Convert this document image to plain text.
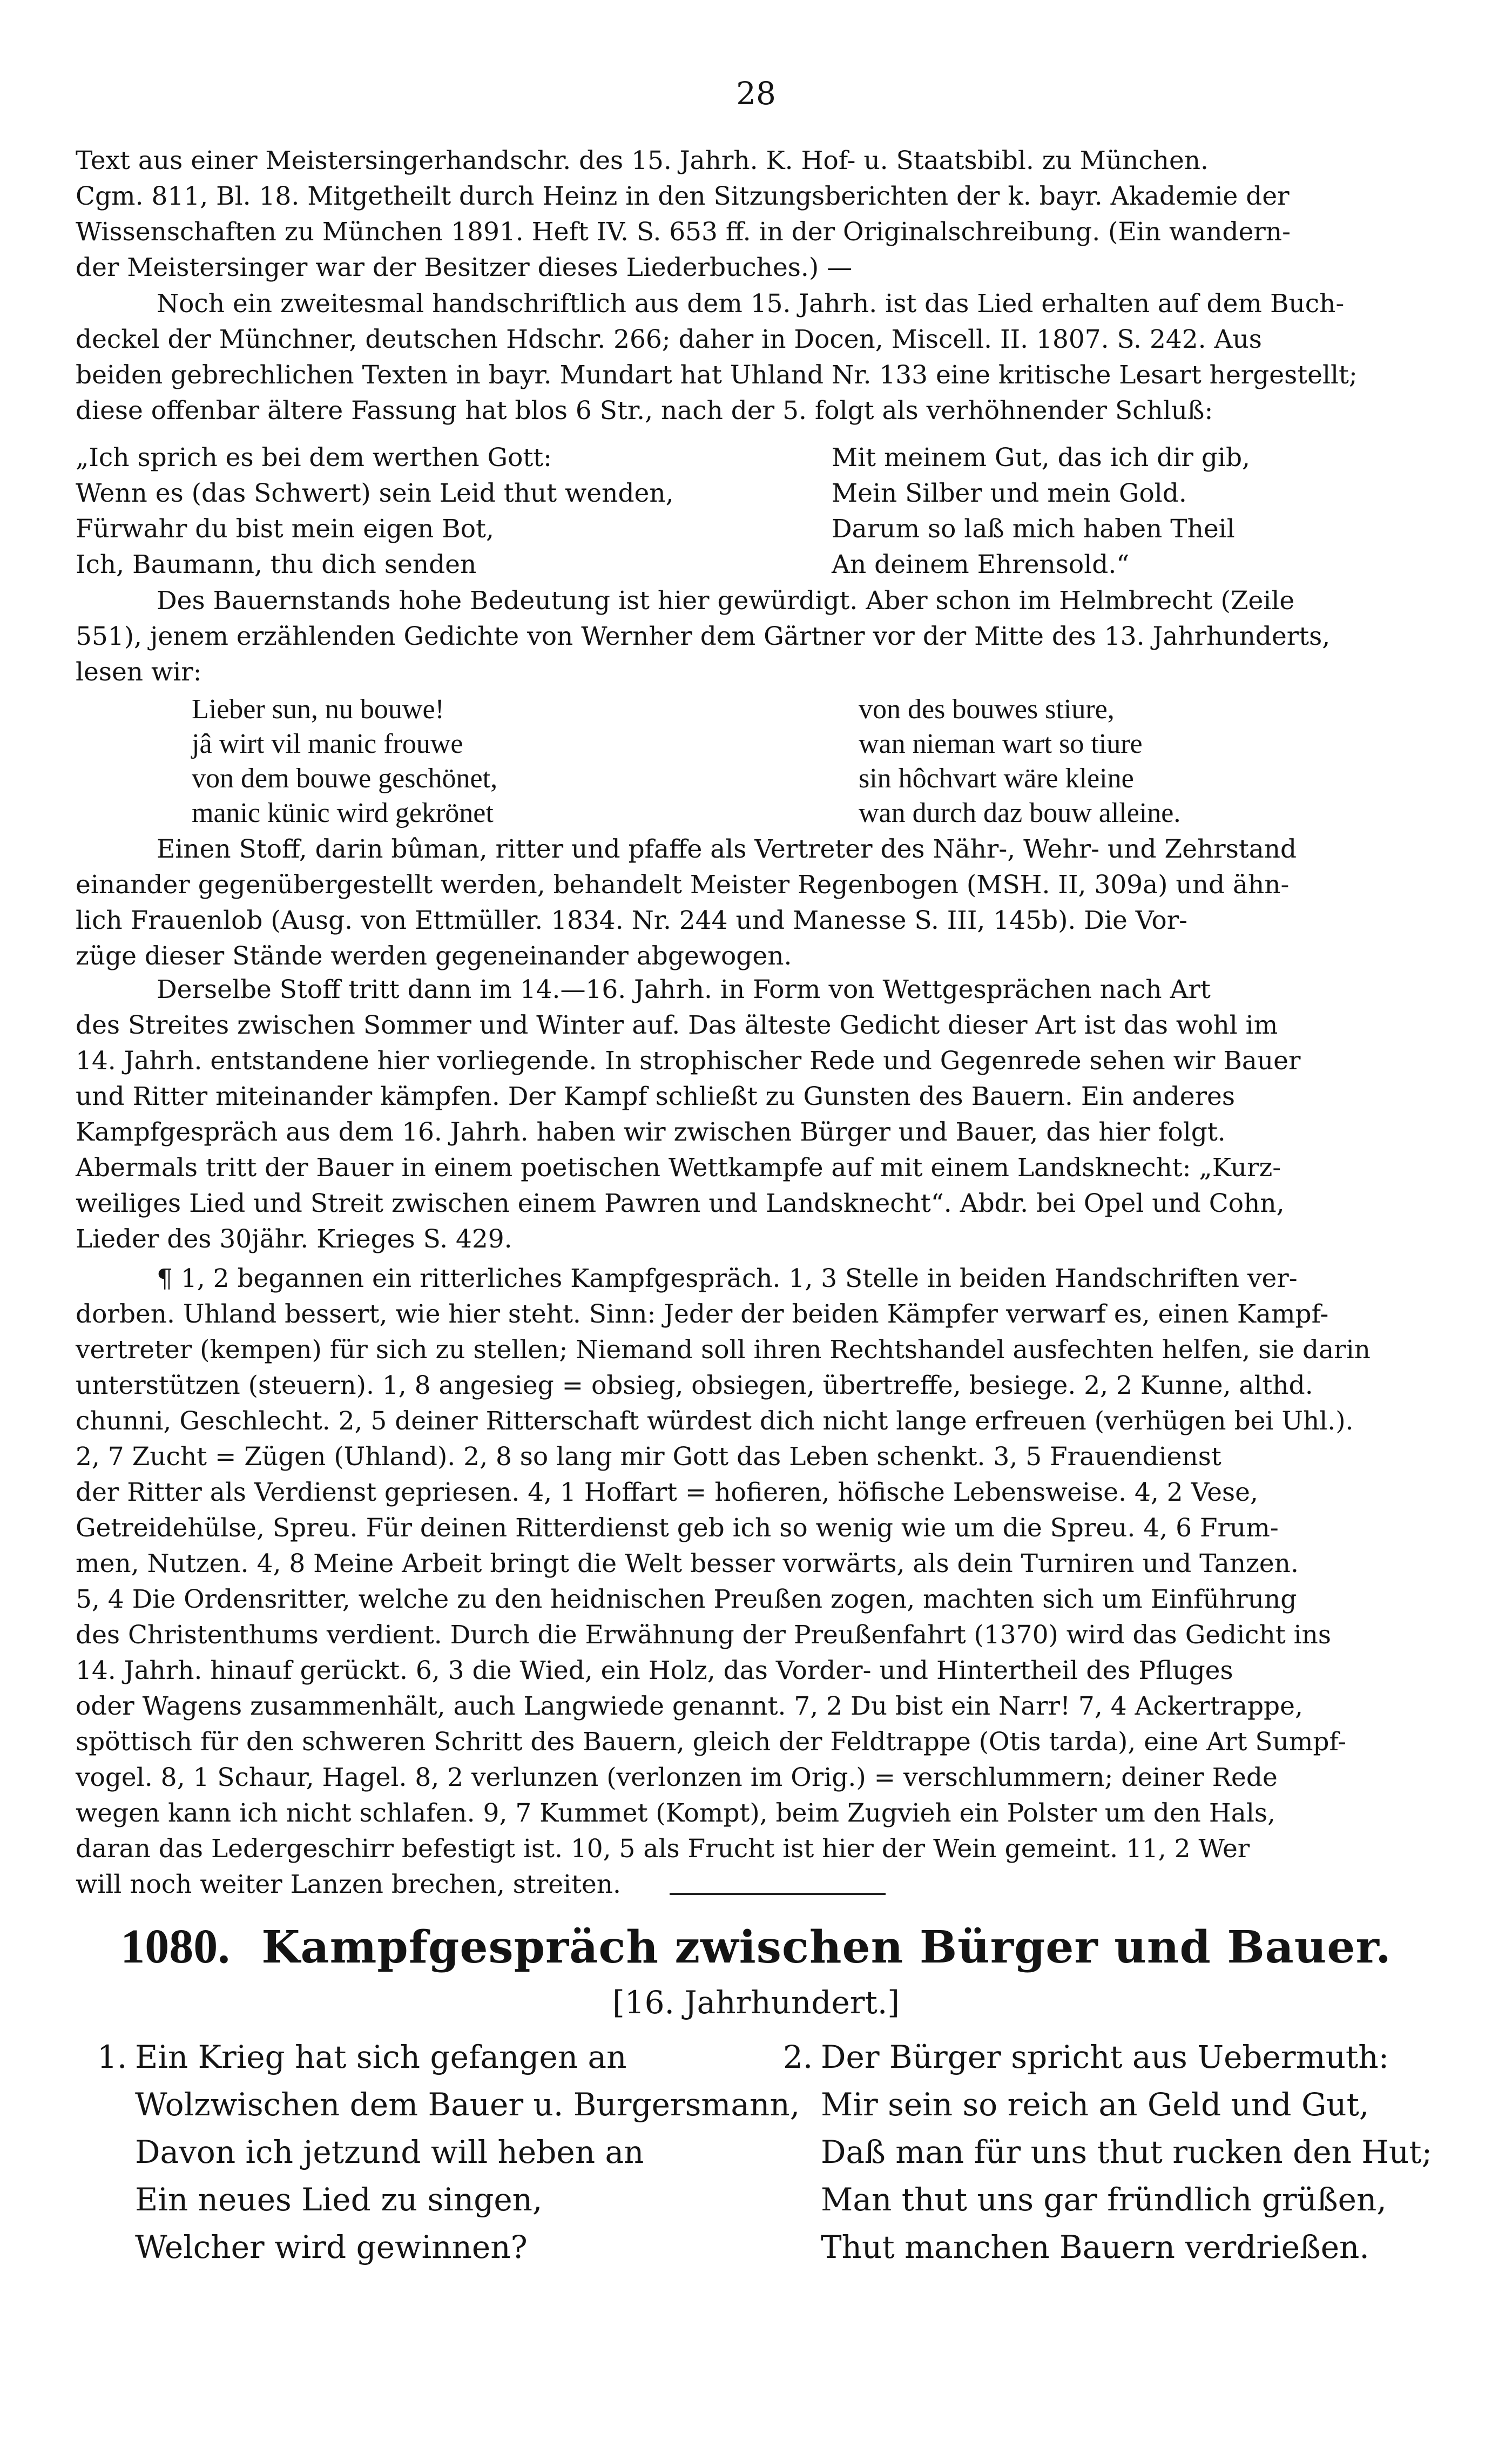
28
Text aus einer Meistersingerhandschr. des 15. Jahrh. K. Hof- u. Staatsbibl. zu München.
Cgm. 811, Bl. 18. Mitgetheilt durch Heinz in den Sitzungsberichten der k. bayr. Akademie der
Wissenschaften zu München 1891. Heft IV. S. 653 ff. in der Originalschreibung. (Ein wandern-
der Meistersinger war der Besitzer dieses Liederbuches.) —
Noch ein zweitesmal handschriftlich aus dem 15. Jahrh. ist das Lied erhalten auf dem Buch-
deckel der Münchner, deutschen Hdschr. 266; daher in Docen, Miscell. II. 1807. S. 242. Aus
beiden gebrechlichen Texten in bayr. Mundart hat Uhland Nr. 133 eine kritische Lesart hergestellt;
diese offenbar ältere Fassung hat blos 6 Str., nach der 5. folgt als verhöhnender Schluß:
„Ich sprich es bei dem werthen Gott:
Wenn es (das Schwert) sein Leid thut wenden,
Fürwahr du bist mein eigen Bot,
Ich, Baumann, thu dich senden
Mit meinem Gut, das ich dir gib,
Mein Silber und mein Gold.
Darum so laß mich haben Theil
An deinem Ehrensold.“
Des Bauernstands hohe Bedeutung ist hier gewürdigt. Aber schon im Helmbrecht (Zeile
551), jenem erzählenden Gedichte von Wernher dem Gärtner vor der Mitte des 13. Jahrhunderts,
lesen wir:
Lieber sun, nu bouwe!
jâ wirt vil manic frouwe
von dem bouwe geschönet,
manic künic wird gekrönet
von des bouwes stiure,
wan nieman wart so tiure
sin hôchvart wäre kleine
wan durch daz bouw alleine.
Einen Stoff, darin bûman, ritter und pfaffe als Vertreter des Nähr-, Wehr- und Zehrstand
einander gegenübergestellt werden, behandelt Meister Regenbogen (MSH. II, 309a) und ähn-
lich Frauenlob (Ausg. von Ettmüller. 1834. Nr. 244 und Manesse S. III, 145b). Die Vor-
züge dieser Stände werden gegeneinander abgewogen.
Derselbe Stoff tritt dann im 14.—16. Jahrh. in Form von Wettgesprächen nach Art
des Streites zwischen Sommer und Winter auf. Das älteste Gedicht dieser Art ist das wohl im
14. Jahrh. entstandene hier vorliegende. In strophischer Rede und Gegenrede sehen wir Bauer
und Ritter miteinander kämpfen. Der Kampf schließt zu Gunsten des Bauern. Ein anderes
Kampfgespräch aus dem 16. Jahrh. haben wir zwischen Bürger und Bauer, das hier folgt.
Abermals tritt der Bauer in einem poetischen Wettkampfe auf mit einem Landsknecht: „Kurz-
weiliges Lied und Streit zwischen einem Pawren und Landsknecht“. Abdr. bei Opel und Cohn,
Lieder des 30jähr. Krieges S. 429.
¶ 1, 2 begannen ein ritterliches Kampfgespräch. 1, 3 Stelle in beiden Handschriften ver-
dorben. Uhland bessert, wie hier steht. Sinn: Jeder der beiden Kämpfer verwarf es, einen Kampf-
vertreter (kempen) für sich zu stellen; Niemand soll ihren Rechtshandel ausfechten helfen, sie darin
unterstützen (steuern). 1, 8 angesieg = obsieg, obsiegen, übertreffe, besiege. 2, 2 Kunne, althd.
chunni, Geschlecht. 2, 5 deiner Ritterschaft würdest dich nicht lange erfreuen (verhügen bei Uhl.).
2, 7 Zucht = Zügen (Uhland). 2, 8 so lang mir Gott das Leben schenkt. 3, 5 Frauendienst
der Ritter als Verdienst gepriesen. 4, 1 Hoffart = hofieren, höfische Lebensweise. 4, 2 Vese,
Getreidehülse, Spreu. Für deinen Ritterdienst geb ich so wenig wie um die Spreu. 4, 6 Frum-
men, Nutzen. 4, 8 Meine Arbeit bringt die Welt besser vorwärts, als dein Turniren und Tanzen.
5, 4 Die Ordensritter, welche zu den heidnischen Preußen zogen, machten sich um Einführung
des Christenthums verdient. Durch die Erwähnung der Preußenfahrt (1370) wird das Gedicht ins
14. Jahrh. hinauf gerückt. 6, 3 die Wied, ein Holz, das Vorder- und Hintertheil des Pfluges
oder Wagens zusammenhält, auch Langwiede genannt. 7, 2 Du bist ein Narr! 7, 4 Ackertrappe,
spöttisch für den schweren Schritt des Bauern, gleich der Feldtrappe (Otis tarda), eine Art Sumpf-
vogel. 8, 1 Schaur, Hagel. 8, 2 verlunzen (verlonzen im Orig.) = verschlummern; deiner Rede
wegen kann ich nicht schlafen. 9, 7 Kummet (Kompt), beim Zugvieh ein Polster um den Hals,
daran das Ledergeschirr befestigt ist. 10, 5 als Frucht ist hier der Wein gemeint. 11, 2 Wer
will noch weiter Lanzen brechen, streiten.
1080. Kampfgespräch zwischen Bürger und Bauer.
[16. Jahrhundert.]
1. Ein Krieg hat sich gefangen an
Wolzwischen dem Bauer u. Burgersmann,
Davon ich jetzund will heben an
Ein neues Lied zu singen,
Welcher wird gewinnen?
2. Der Bürger spricht aus Uebermuth:
Mir sein so reich an Geld und Gut,
Daß man für uns thut rucken den Hut;
Man thut uns gar fründlich grüßen,
Thut manchen Bauern verdrießen.
